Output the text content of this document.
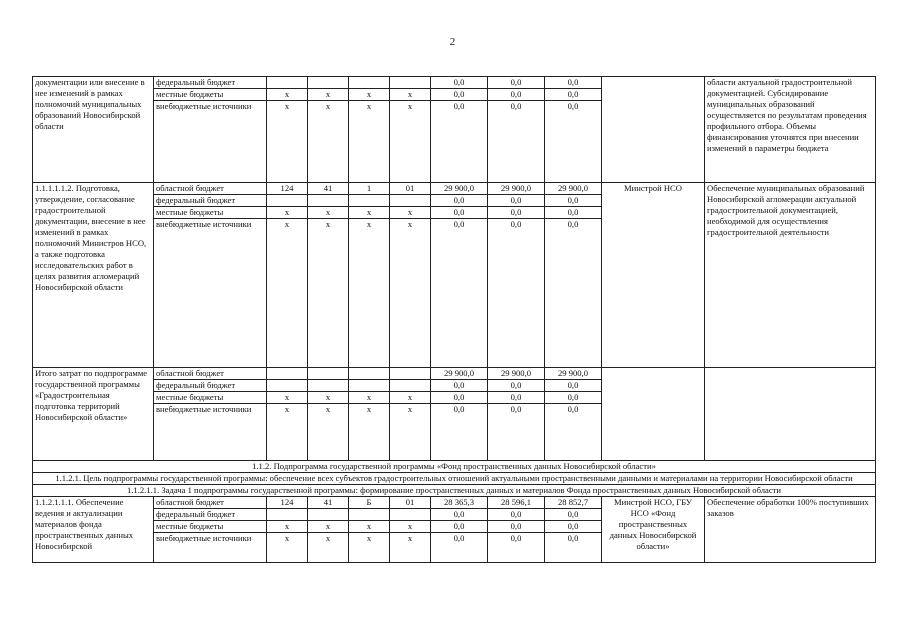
2
документации или внесение в нее изменений в рамках полномочий муниципальных образований Новосибирской области	федеральный бюджет					0,0	0,0	0,0		области актуальной градостроительной документацией. Субсидирование муниципальных образований осуществляется по результатам проведения профильного отбора. Объемы финансирования уточнятся при внесении изменений в параметры бюджета
	местные бюджеты	x	x	x	x	0,0	0,0	0,0		
	внебюджетные источники	x	x	x	x	0,0	0,0	0,0		
1.1.1.1.1.2. Подготовка, утверждение, согласование градостроительной документации, внесение в нее изменений в рамках полномочий Министров НСО, а также подготовка исследовательских работ в целях развития агломераций Новосибирской области	областной бюджет	124	41	1	01	29 900,0	29 900,0	29 900,0	Минстрой НСО	Обеспечение муниципальных образований Новосибирской агломерации актуальной градостроительной документацией, необходимой для осуществления градостроительной деятельности
	федеральный бюджет					0,0	0,0	0,0		
	местные бюджеты	x	x	x	x	0,0	0,0	0,0		
	внебюджетные источники	x	x	x	x	0,0	0,0	0,0		
Итого затрат по подпрограмме государственной программы «Градостроительная подготовка территорий Новосибирской области»	областной бюджет					29 900,0	29 900,0	29 900,0		
	федеральный бюджет					0,0	0,0	0,0		
	местные бюджеты	x	x	x	x	0,0	0,0	0,0		
	внебюджетные источники	x	x	x	x	0,0	0,0	0,0		
1.1.2. Подпрограмма государственной программы «Фонд пространственных данных Новосибирской области»										
1.1.2.1. Цель подпрограммы государственной программы: обеспечение всех субъектов градостроительных отношений актуальными пространственными данными и материалами на территории Новосибирской области										
1.1.2.1.1. Задача 1 подпрограммы государственной программы: формирование пространственных данных и материалов Фонда пространственных данных Новосибирской области										
1.1.2.1.1.1. Обеспечение ведения и актуализации материалов фонда пространственных данных Новосибирской	областной бюджет	124	41	Б	01	28 365,3	28 596,1	28 852,7	Минстрой НСО, ГБУ НСО «Фонд пространственных данных Новосибирской области»	Обеспечение обработки 100% поступивших заказов
	федеральный бюджет					0,0	0,0	0,0		
	местные бюджеты	x	x	x	x	0,0	0,0	0,0		
	внебюджетные источники	x	x	x	x	0,0	0,0	0,0		
